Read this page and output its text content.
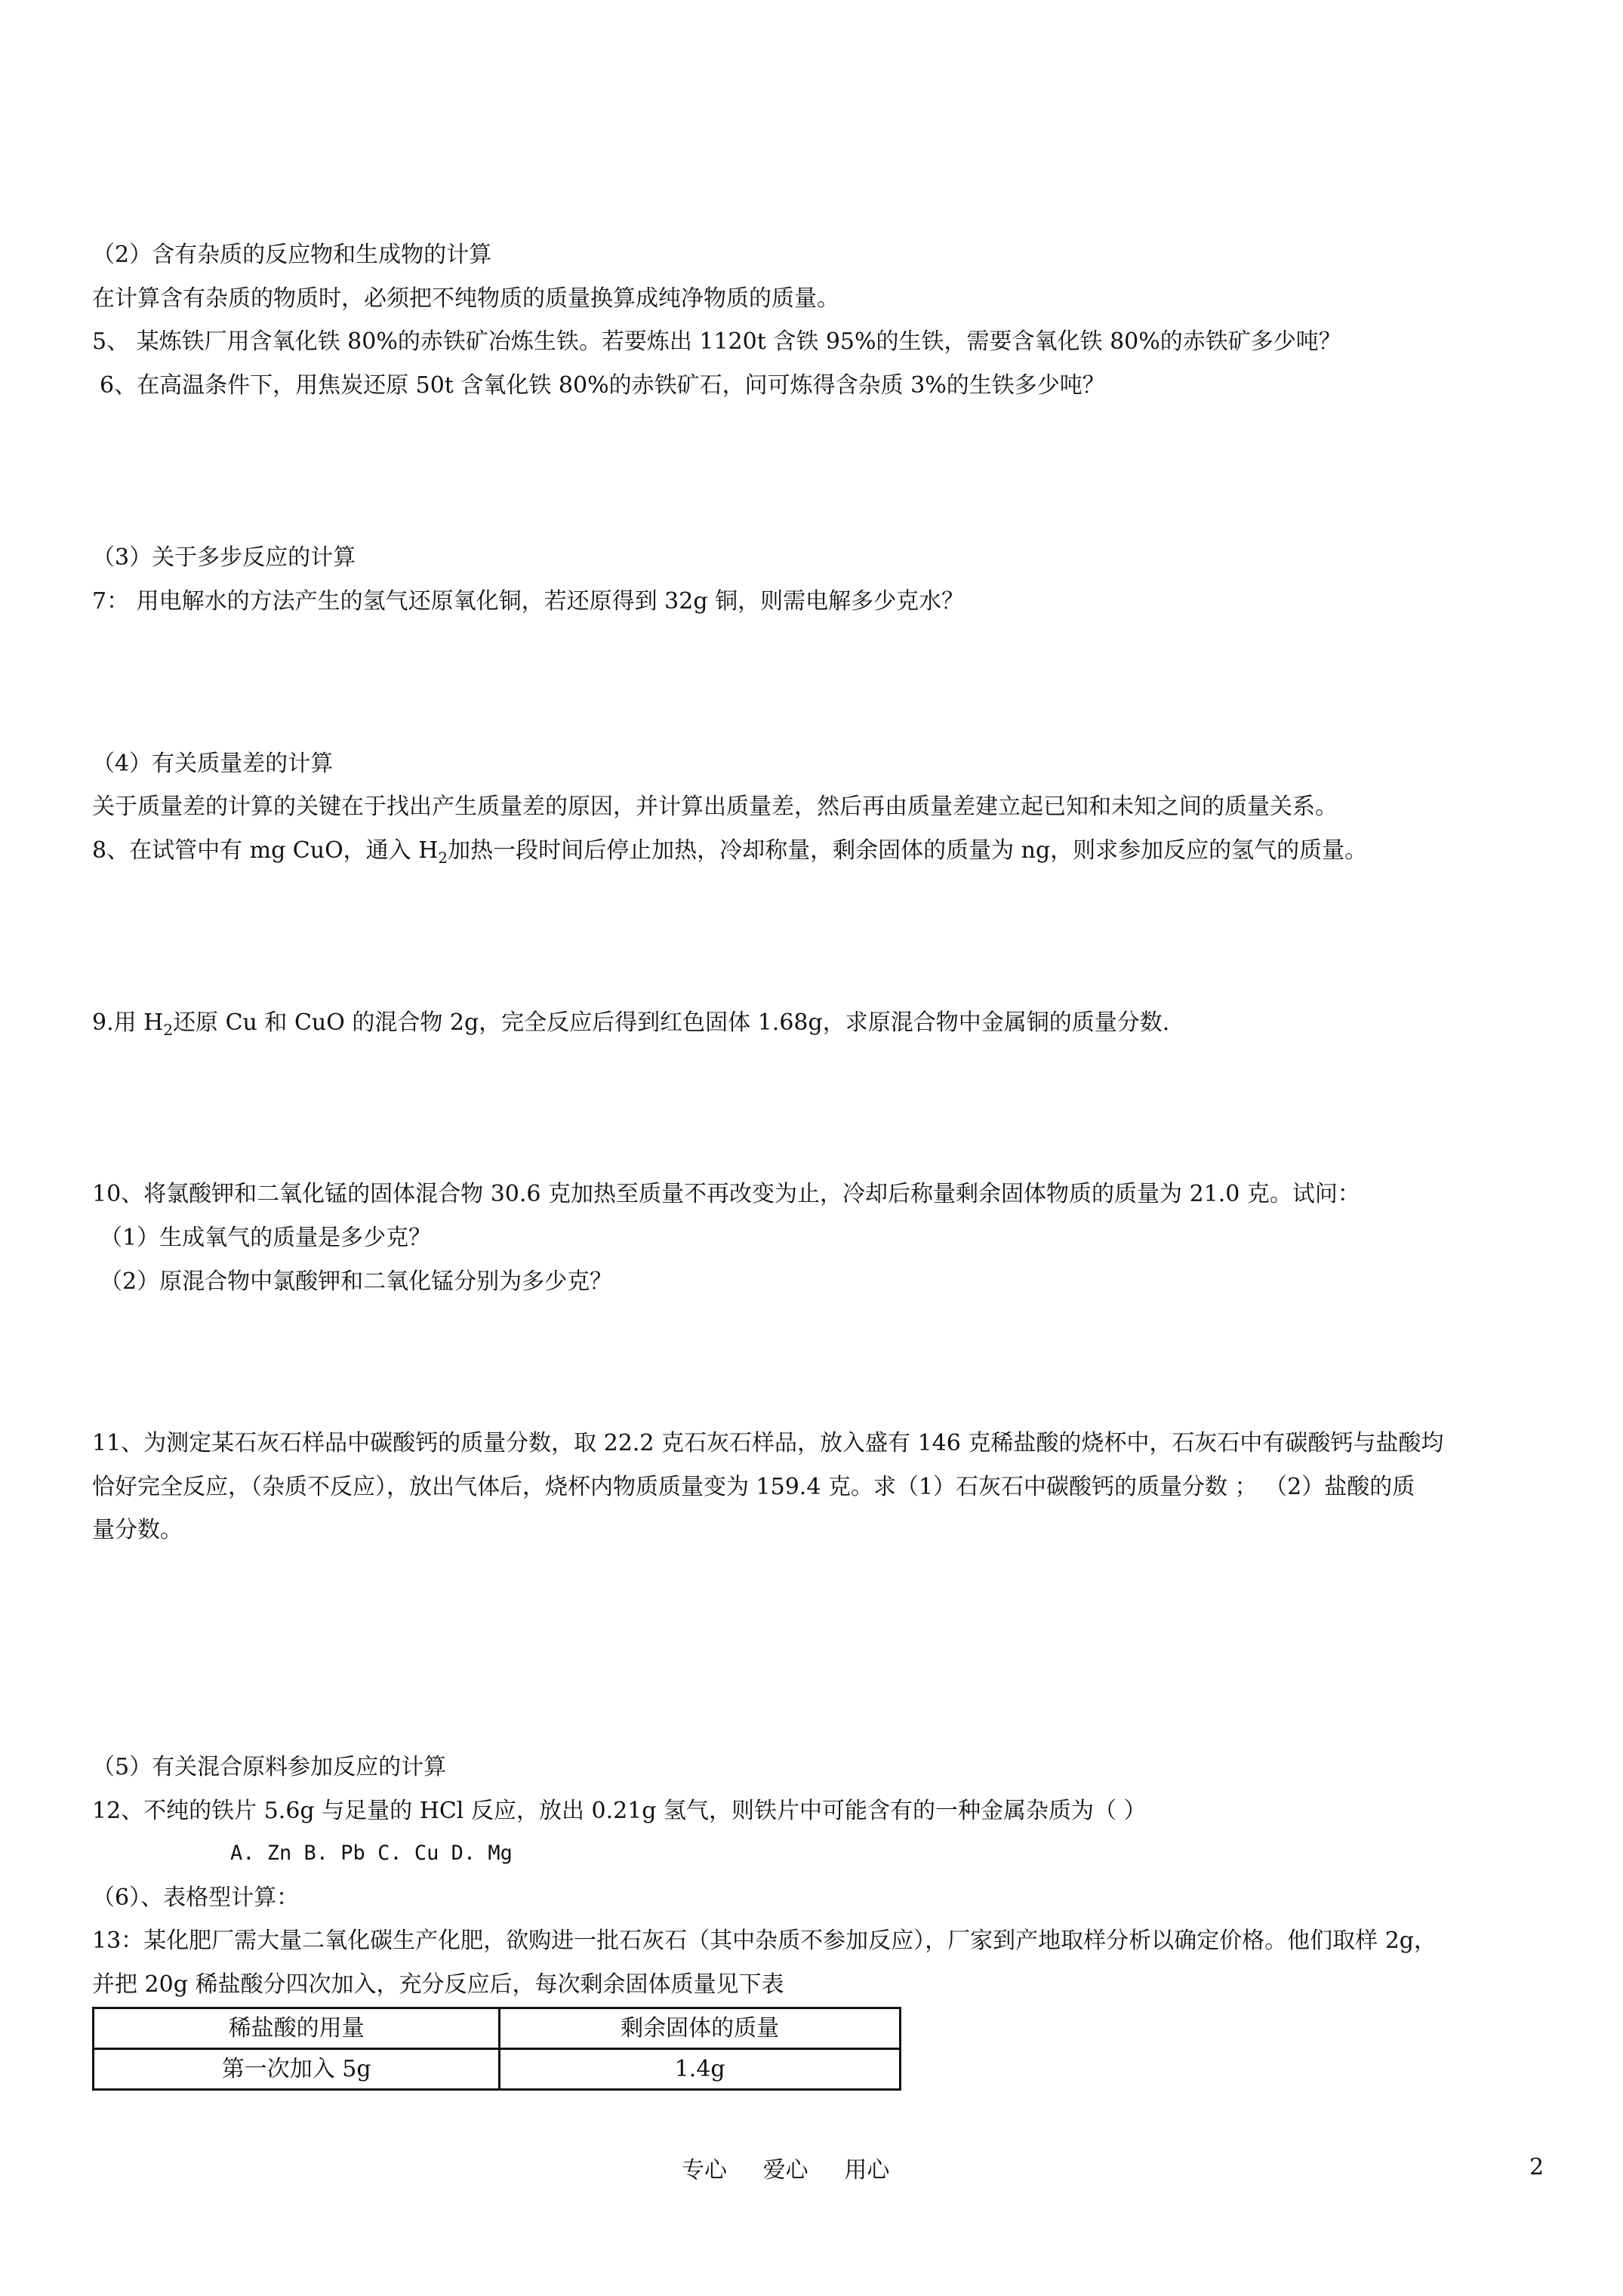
（2）含有杂质的反应物和生成物的计算
在计算含有杂质的物质时，必须把不纯物质的质量换算成纯净物质的质量。
5、 某炼铁厂用含氧化铁 80%的赤铁矿冶炼生铁。若要炼出 1120t 含铁 95%的生铁，需要含氧化铁 80%的赤铁矿多少吨？
6、在高温条件下，用焦炭还原 50t 含氧化铁 80%的赤铁矿石，问可炼得含杂质 3%的生铁多少吨？
（3）关于多步反应的计算
7： 用电解水的方法产生的氢气还原氧化铜，若还原得到 32g 铜，则需电解多少克水？
（4）有关质量差的计算
关于质量差的计算的关键在于找出产生质量差的原因，并计算出质量差，然后再由质量差建立起已知和未知之间的质量关系。
8、在试管中有 mg CuO，通入 $H_2$加热一段时间后停止加热，冷却称量，剩余固体的质量为 ng，则求参加反应的氢气的质量。
9.用 $H_2$还原 Cu 和 CuO 的混合物 2g，完全反应后得到红色固体 1.68g，求原混合物中金属铜的质量分数.
10、将氯酸钾和二氧化锰的固体混合物 30.6 克加热至质量不再改变为止，冷却后称量剩余固体物质的质量为 21.0 克。试问：
（1）生成氧气的质量是多少克？
（2）原混合物中氯酸钾和二氧化锰分别为多少克？
11、为测定某石灰石样品中碳酸钙的质量分数，取 22.2 克石灰石样品，放入盛有 146 克稀盐酸的烧杯中，石灰石中有碳酸钙与盐酸均
恰好完全反应，（杂质不反应），放出气体后，烧杯内物质质量变为 159.4 克。求（1）石灰石中碳酸钙的质量分数 ； （2）盐酸的质
量分数。
（5）有关混合原料参加反应的计算
12、不纯的铁片 5.6g 与足量的 HCl 反应，放出 0.21g 氢气，则铁片中可能含有的一种金属杂质为（ ）
A. Zn B. Pb C. Cu D. Mg
（6）、表格型计算：
13：某化肥厂需大量二氧化碳生产化肥，欲购进一批石灰石（其中杂质不参加反应），厂家到产地取样分析以确定价格。他们取样 2g，
并把 20g 稀盐酸分四次加入，充分反应后，每次剩余固体质量见下表
稀盐酸的用量	剩余固体的质量
第一次加入 5g	1.4g
专心     爱心     用心	2
